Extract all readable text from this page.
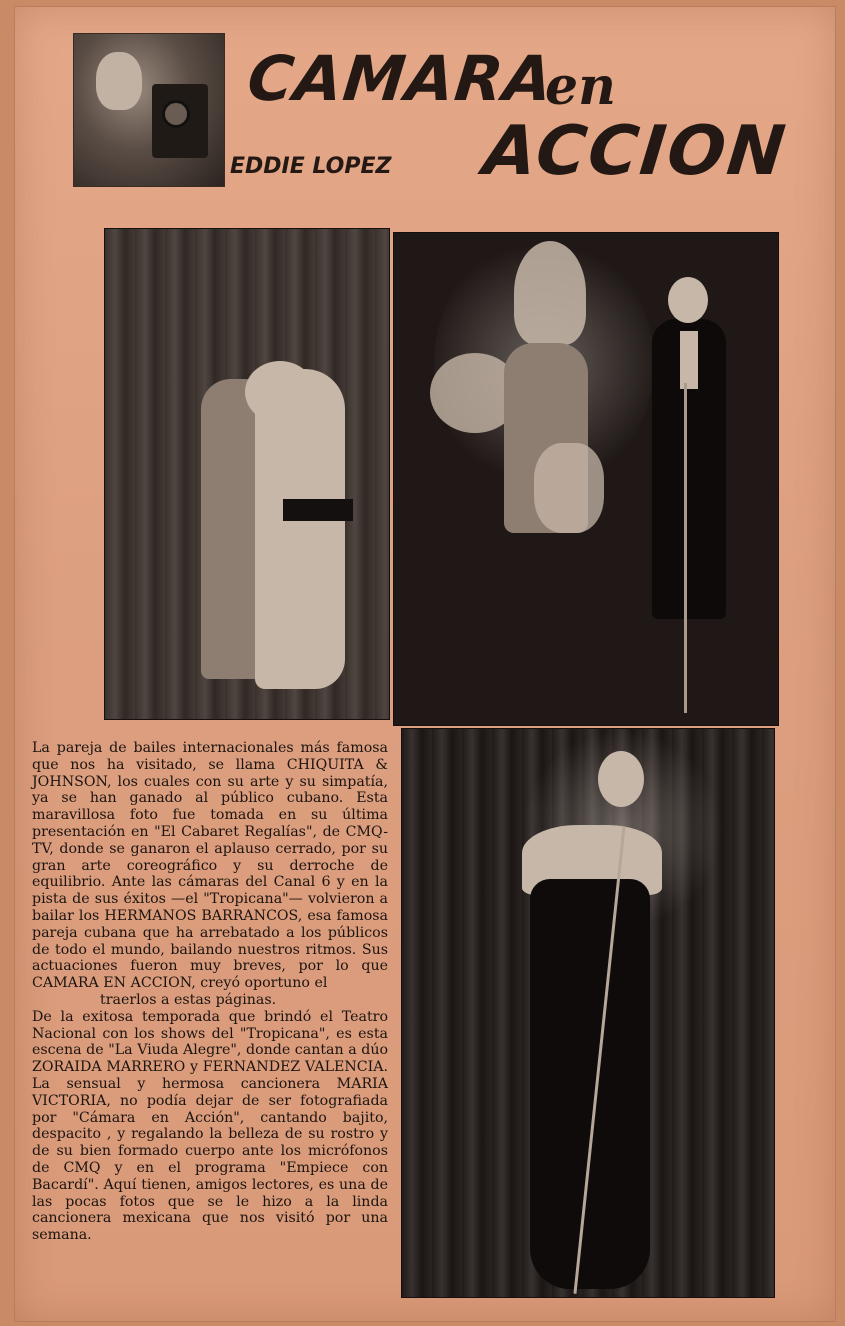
CAMARA
en
ACCION
EDDIE LOPEZ

La pareja de bailes internacionales más famosa que nos ha visitado, se llama CHIQUITA & JOHNSON, los cuales con su arte y su simpatía, ya se han ganado al público cubano. Esta maravillosa foto fue tomada en su última presentación en "El Cabaret Regalías", de CMQ-TV, donde se ganaron el aplauso cerrado, por su gran arte coreográfico y su derroche de equilibrio. Ante las cámaras del Canal 6 y en la pista de sus éxitos —el "Tropicana"— volvieron a bailar los HERMANOS BARRANCOS, esa famosa pareja cubana que ha arrebatado a los públicos de todo el mundo, bailando nuestros ritmos. Sus actuaciones fueron muy breves, por lo que CAMARA EN ACCION, creyó oportuno el

traerlos a estas páginas.

De la exitosa temporada que brindó el Teatro Nacional con los shows del "Tropicana", es esta escena de "La Viuda Alegre", donde cantan a dúo ZORAIDA MARRERO y FERNANDEZ VALENCIA. La sensual y hermosa cancionera MARIA VICTORIA, no podía dejar de ser fotografiada por "Cámara en Acción", cantando bajito, despacito , y regalando la belleza de su rostro y de su bien formado cuerpo ante los micrófonos de CMQ y en el programa "Empiece con Bacardí". Aquí tienen, amigos lectores, es una de las pocas fotos que se le hizo a la linda cancionera mexicana que nos visitó por una semana.
